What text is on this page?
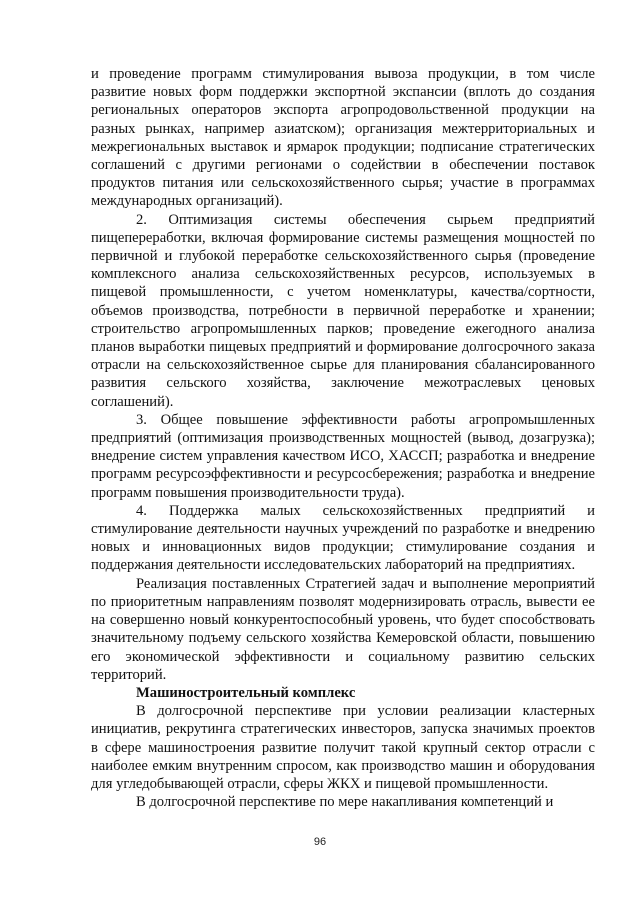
и проведение программ стимулирования вывоза продукции, в том числе развитие новых форм поддержки экспортной экспансии (вплоть до создания региональных операторов экспорта агропродовольственной продукции на разных рынках, например азиатском); организация межтерриториальных и межрегиональных выставок и ярмарок продукции; подписание стратегических соглашений с другими регионами о содействии в обеспечении поставок продуктов питания или сельскохозяйственного сырья; участие в программах международных организаций).

2. Оптимизация системы обеспечения сырьем предприятий пищепереработки, включая формирование системы размещения мощностей по первичной и глубокой переработке сельскохозяйственного сырья (проведение комплексного анализа сельскохозяйственных ресурсов, используемых в пищевой промышленности, с учетом номенклатуры, качества/сортности, объемов производства, потребности в первичной переработке и хранении; строительство агропромышленных парков; проведение ежегодного анализа планов выработки пищевых предприятий и формирование долгосрочного заказа отрасли на сельскохозяйственное сырье для планирования сбалансированного развития сельского хозяйства, заключение межотраслевых ценовых соглашений).

3. Общее повышение эффективности работы агропромышленных предприятий (оптимизация производственных мощностей (вывод, дозагрузка); внедрение систем управления качеством ИСО, ХАССП; разработка и внедрение программ ресурсоэффективности и ресурсосбережения; разработка и внедрение программ повышения производительности труда).

4. Поддержка малых сельскохозяйственных предприятий и стимулирование деятельности научных учреждений по разработке и внедрению новых и инновационных видов продукции; стимулирование создания и поддержания деятельности исследовательских лабораторий на предприятиях.

Реализация поставленных Стратегией задач и выполнение мероприятий по приоритетным направлениям позволят модернизировать отрасль, вывести ее на совершенно новый конкурентоспособный уровень, что будет способствовать значительному подъему сельского хозяйства Кемеровской области, повышению его экономической эффективности и социальному развитию сельских территорий.

Машиностроительный комплекс

В долгосрочной перспективе при условии реализации кластерных инициатив, рекрутинга стратегических инвесторов, запуска значимых проектов в сфере машиностроения развитие получит такой крупный сектор отрасли с наиболее емким внутренним спросом, как производство машин и оборудования для угледобывающей отрасли, сферы ЖКХ и пищевой промышленности.

В долгосрочной перспективе по мере накапливания компетенций и

96
